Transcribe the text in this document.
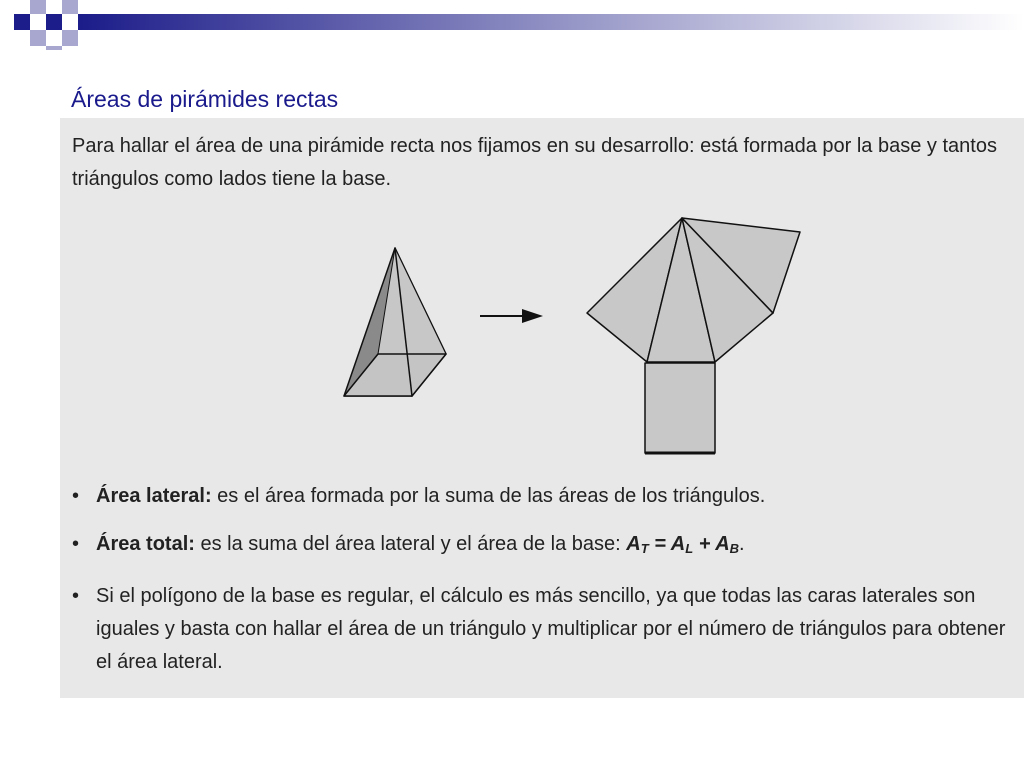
Áreas de pirámides rectas

Para hallar el área de una pirámide recta nos fijamos en su desarrollo: está formada por la base y tantos triángulos como lados tiene la base.

• Área lateral: es el área formada por la suma de las áreas de los triángulos.
• Área total: es la suma del área lateral y el área de la base: $A_T = A_L + A_B$.
• Si el polígono de la base es regular, el cálculo es más sencillo, ya que todas las caras laterales son iguales y basta con hallar el área de un triángulo y multiplicar por el número de triángulos para obtener el área lateral.
